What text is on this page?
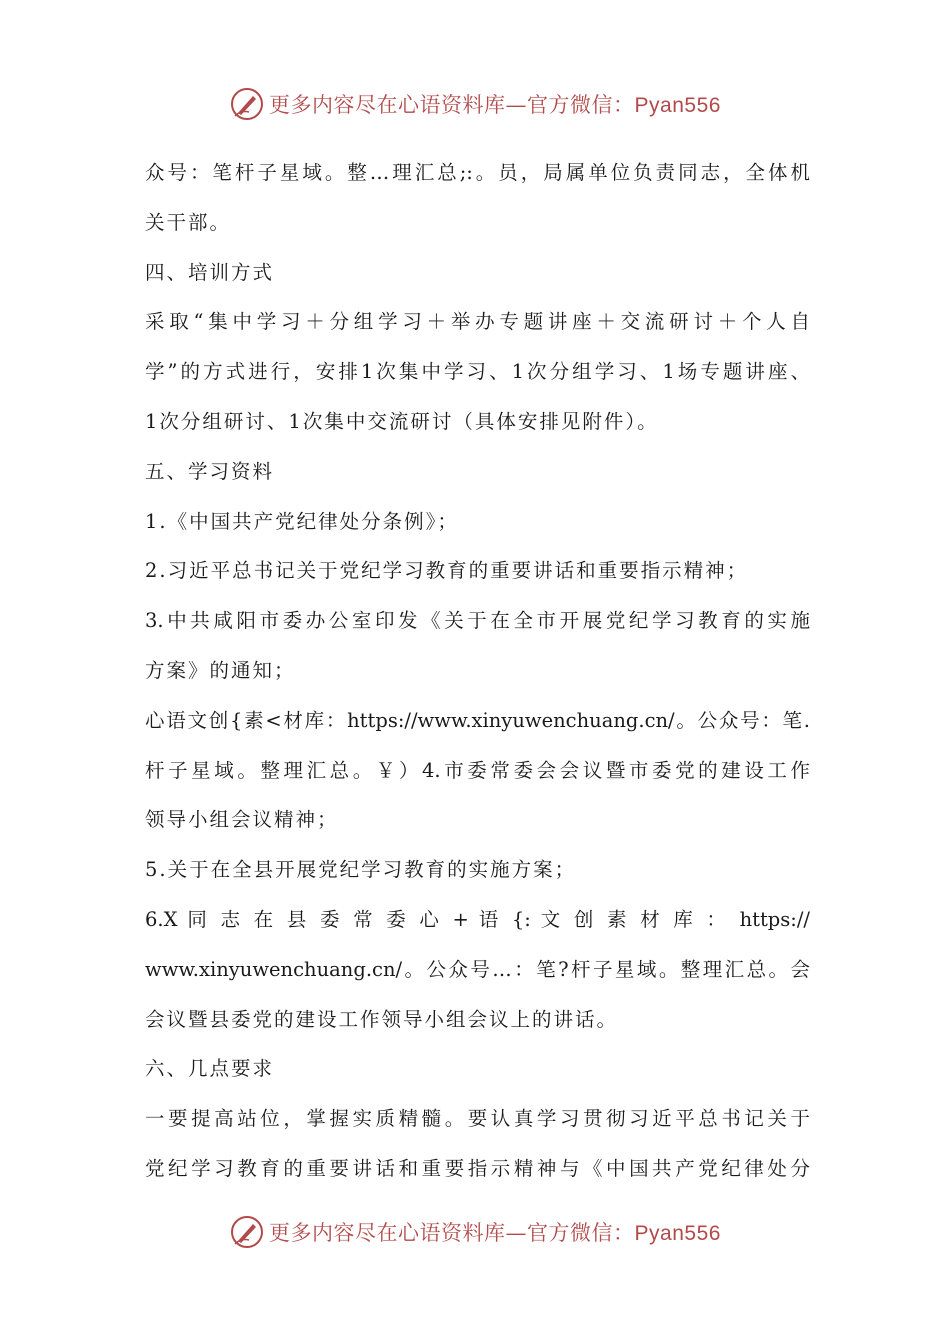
更多内容尽在心语资料库—官方微信：Pyan556
众号：笔杆子星域。整…理汇总;:。员，局属单位负责同志，全体机
关干部。
四、培训方式
采取“集中学习＋分组学习＋举办专题讲座＋交流研讨＋个人自
学”的方式进行，安排1次集中学习、1次分组学习、1场专题讲座、
1次分组研讨、1次集中交流研讨（具体安排见附件）。
五、学习资料
1.《中国共产党纪律处分条例》；
2.习近平总书记关于党纪学习教育的重要讲话和重要指示精神；
3.中共咸阳市委办公室印发《关于在全市开展党纪学习教育的实施
方案》的通知；
心语文创{素<材库：https://www.xinyuwenchuang.cn/。公众号：笔.
杆子星域。整理汇总。￥）4.市委常委会会议暨市委党的建设工作
领导小组会议精神；
5.关于在全县开展党纪学习教育的实施方案；
6.X 同 志 在 县 委 常 委 心 + 语 {: 文 创 素 材 库 ： https://
www.xinyuwenchuang.cn/。公众号…：笔?杆子星域。整理汇总。会
会议暨县委党的建设工作领导小组会议上的讲话。
六、几点要求
一要提高站位，掌握实质精髓。要认真学习贯彻习近平总书记关于
党纪学习教育的重要讲话和重要指示精神与《中国共产党纪律处分
更多内容尽在心语资料库—官方微信：Pyan556
